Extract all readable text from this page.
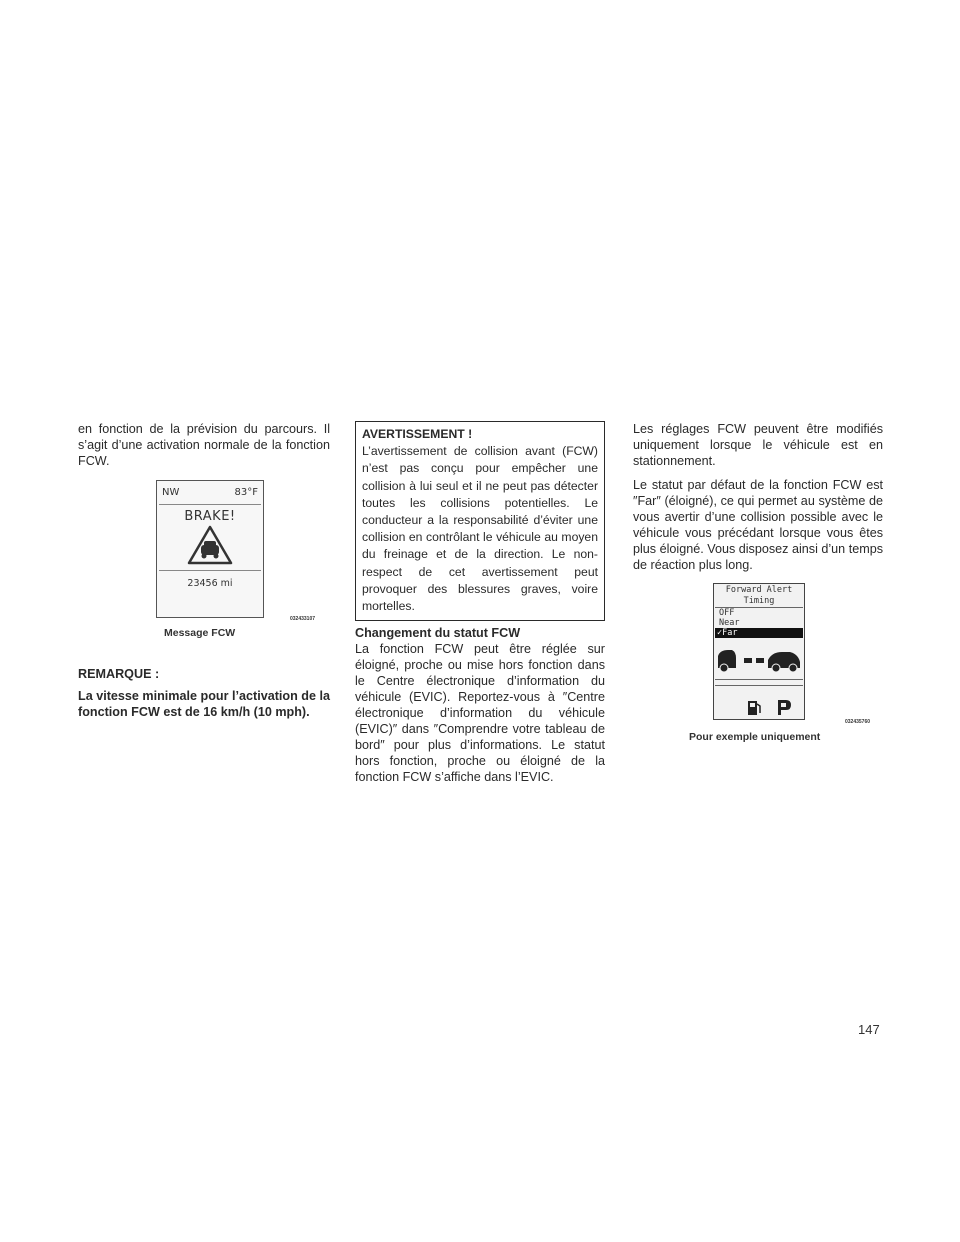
en fonction de la prévision du parcours. Il s’agit d’une activation normale de la fonction FCW.

NW	83°F
BRAKE!
23456 mi
032433107
Message FCW

REMARQUE :

La vitesse minimale pour l’activation de la fonction FCW est de 16 km/h (10 mph).

AVERTISSEMENT !

L’avertissement de collision avant (FCW) n’est pas conçu pour empêcher une collision à lui seul et il ne peut pas détecter toutes les collisions potentielles. Le conducteur a la responsabilité d’éviter une collision en contrôlant le véhicule au moyen du freinage et de la direction. Le non-respect de cet avertissement peut provoquer des blessures graves, voire mortelles.

Changement du statut FCW

La fonction FCW peut être réglée sur éloigné, proche ou mise hors fonction dans le Centre électronique d’information du véhicule (EVIC). Reportez-vous à ″Centre électronique d’information du véhicule (EVIC)″ dans ″Comprendre votre tableau de bord″ pour plus d’informations. Le statut hors fonction, proche ou éloigné de la fonction FCW s’affiche dans l’EVIC.

Les réglages FCW peuvent être modifiés uniquement lorsque le véhicule est en stationnement.

Le statut par défaut de la fonction FCW est ″Far″ (éloigné), ce qui permet au système de vous avertir d’une collision possible avec le véhicule vous précédant lorsque vous êtes plus éloigné. Vous disposez ainsi d’un temps de réaction plus long.

Forward Alert
Timing
OFF
Near
✓Far
032435760
Pour exemple uniquement
147
